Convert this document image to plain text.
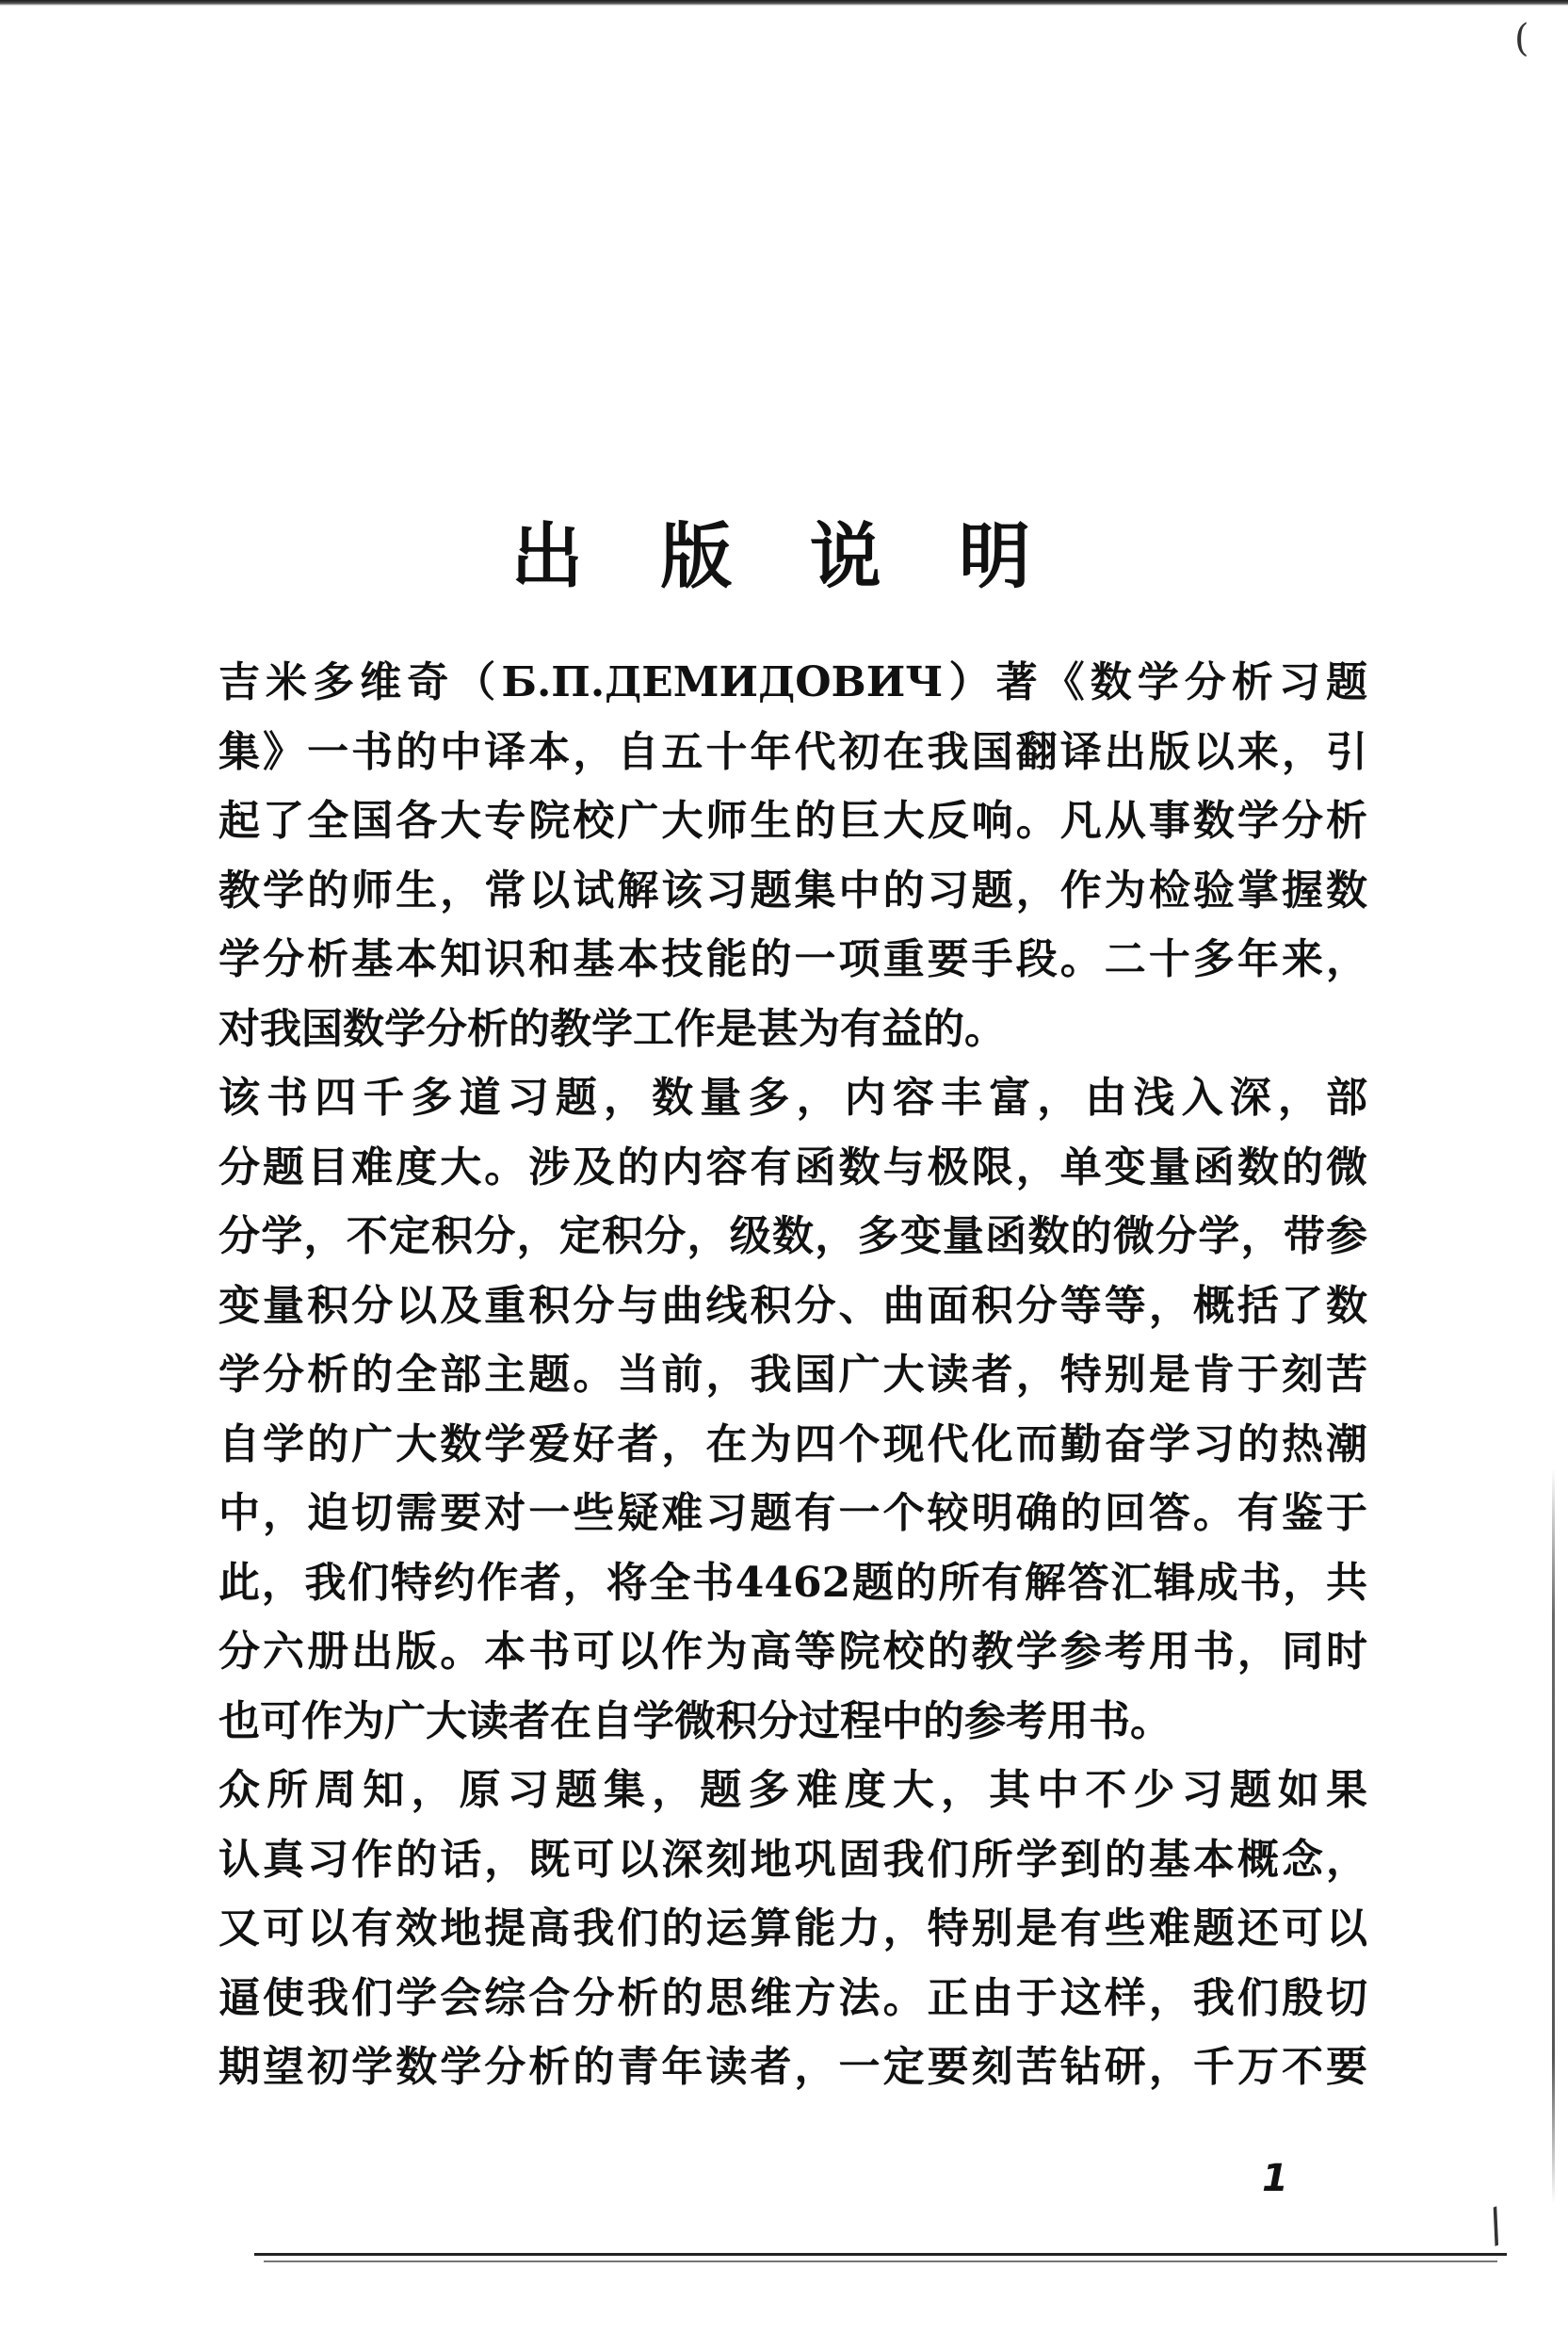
(
/
出 版 说 明
吉米多维奇（Б.П.ДЕМИДОВИЧ）著《数学分析习题
集》一书的中译本，自五十年代初在我国翻译出版以来，引
起了全国各大专院校广大师生的巨大反响。凡从事数学分析
教学的师生，常以试解该习题集中的习题，作为检验掌握数
学分析基本知识和基本技能的一项重要手段。二十多年来，
对我国数学分析的教学工作是甚为有益的。
该书四千多道习题，数量多，内容丰富，由浅入深，部
分题目难度大。涉及的内容有函数与极限，单变量函数的微
分学，不定积分，定积分，级数，多变量函数的微分学，带参
变量积分以及重积分与曲线积分、曲面积分等等，概括了数
学分析的全部主题。当前，我国广大读者，特别是肯于刻苦
自学的广大数学爱好者，在为四个现代化而勤奋学习的热潮
中，迫切需要对一些疑难习题有一个较明确的回答。有鉴于
此，我们特约作者，将全书4462题的所有解答汇辑成书，共
分六册出版。本书可以作为高等院校的教学参考用书，同时
也可作为广大读者在自学微积分过程中的参考用书。
众所周知，原习题集，题多难度大，其中不少习题如果
认真习作的话，既可以深刻地巩固我们所学到的基本概念，
又可以有效地提高我们的运算能力，特别是有些难题还可以
逼使我们学会综合分析的思维方法。正由于这样，我们殷切
期望初学数学分析的青年读者，一定要刻苦钻研，千万不要
1
